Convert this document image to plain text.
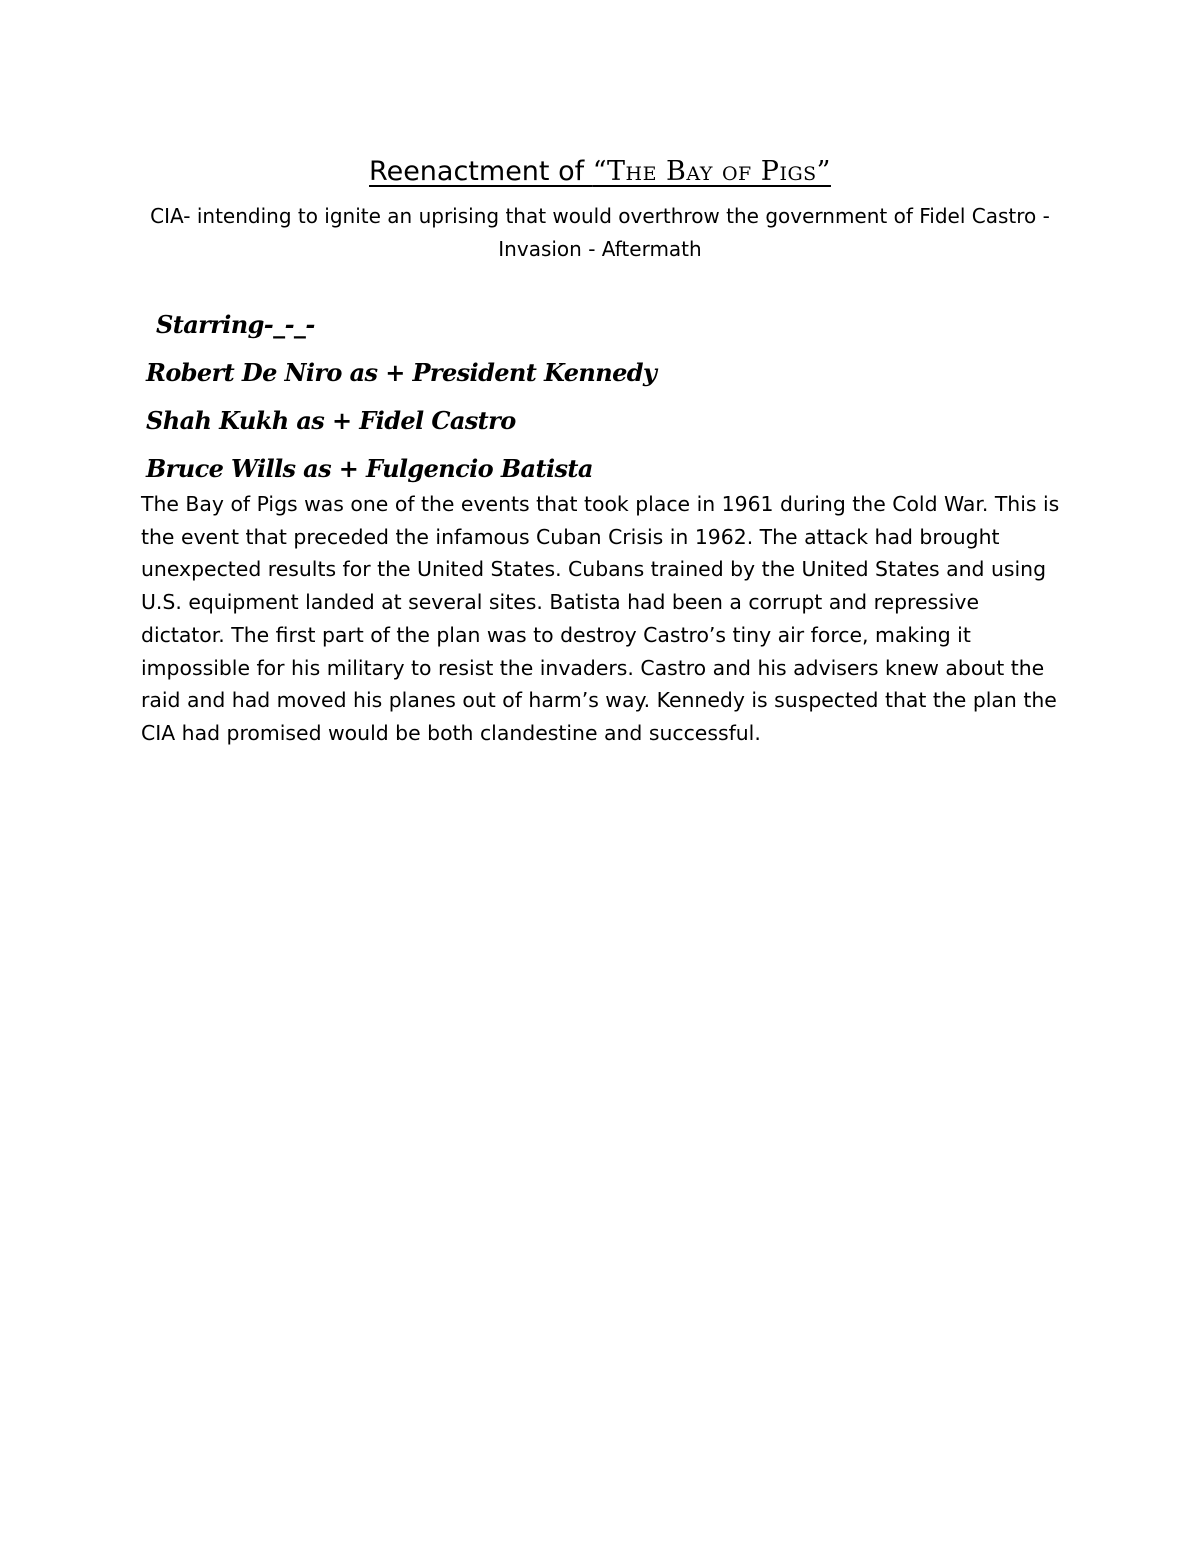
Reenactment of “The Bay of Pigs”
CIA- intending to ignite an uprising that would overthrow the government of Fidel Castro - Invasion - Aftermath
Starring-_-_-
Robert De Niro as + President Kennedy
Shah Kukh as + Fidel Castro
Bruce Wills as + Fulgencio Batista
The Bay of Pigs was one of the events that took place in 1961 during the Cold War. This is the event that preceded the infamous Cuban Crisis in 1962. The attack had brought unexpected results for the United States. Cubans trained by the United States and using U.S. equipment landed at several sites. Batista had been a corrupt and repressive dictator. The first part of the plan was to destroy Castro’s tiny air force, making it impossible for his military to resist the invaders. Castro and his advisers knew about the raid and had moved his planes out of harm’s way. Kennedy is suspected that the plan the CIA had promised would be both clandestine and successful.
